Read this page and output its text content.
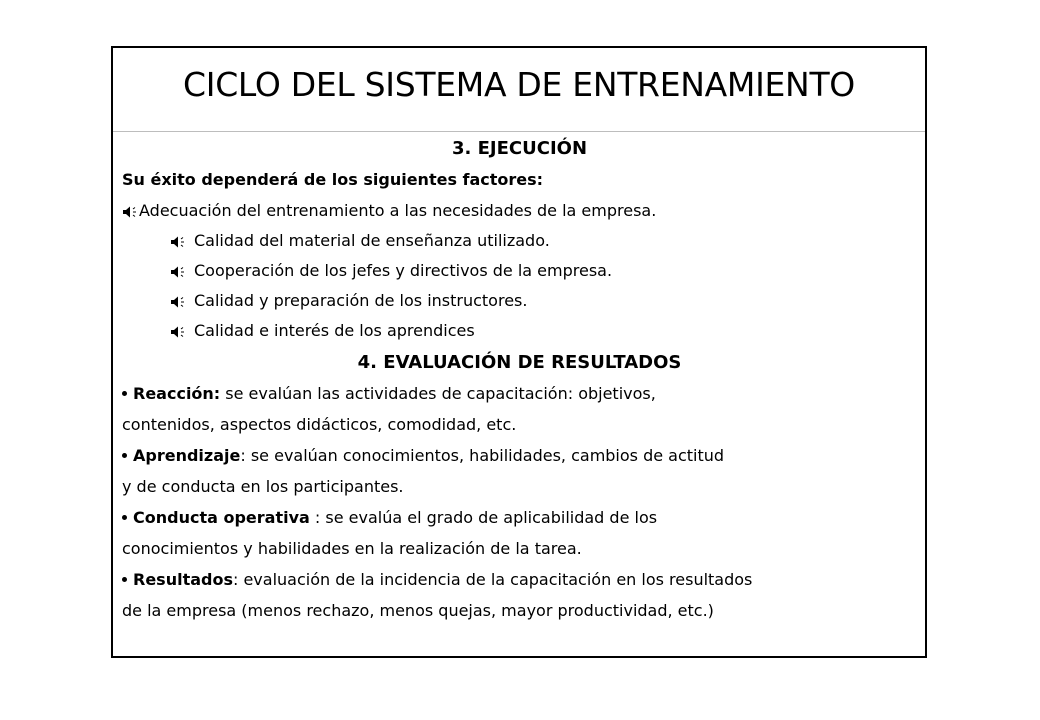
CICLO DEL SISTEMA DE ENTRENAMIENTO
3. EJECUCIÓN
Su éxito dependerá de los siguientes factores:
Adecuación del entrenamiento a las necesidades de la empresa.
Calidad del material de enseñanza utilizado.
Cooperación de los jefes y directivos de la empresa.
Calidad y preparación de los instructores.
Calidad e interés de los aprendices
4. EVALUACIÓN DE RESULTADOS
Reacción: se evalúan las actividades de capacitación: objetivos,
contenidos, aspectos didácticos, comodidad, etc.
Aprendizaje: se evalúan conocimientos, habilidades, cambios de actitud
y de conducta en los participantes.
Conducta operativa : se evalúa el grado de aplicabilidad de los
conocimientos y habilidades en la realización de la tarea.
Resultados: evaluación de la incidencia de la capacitación en los resultados
de la empresa (menos rechazo, menos quejas, mayor productividad, etc.)
